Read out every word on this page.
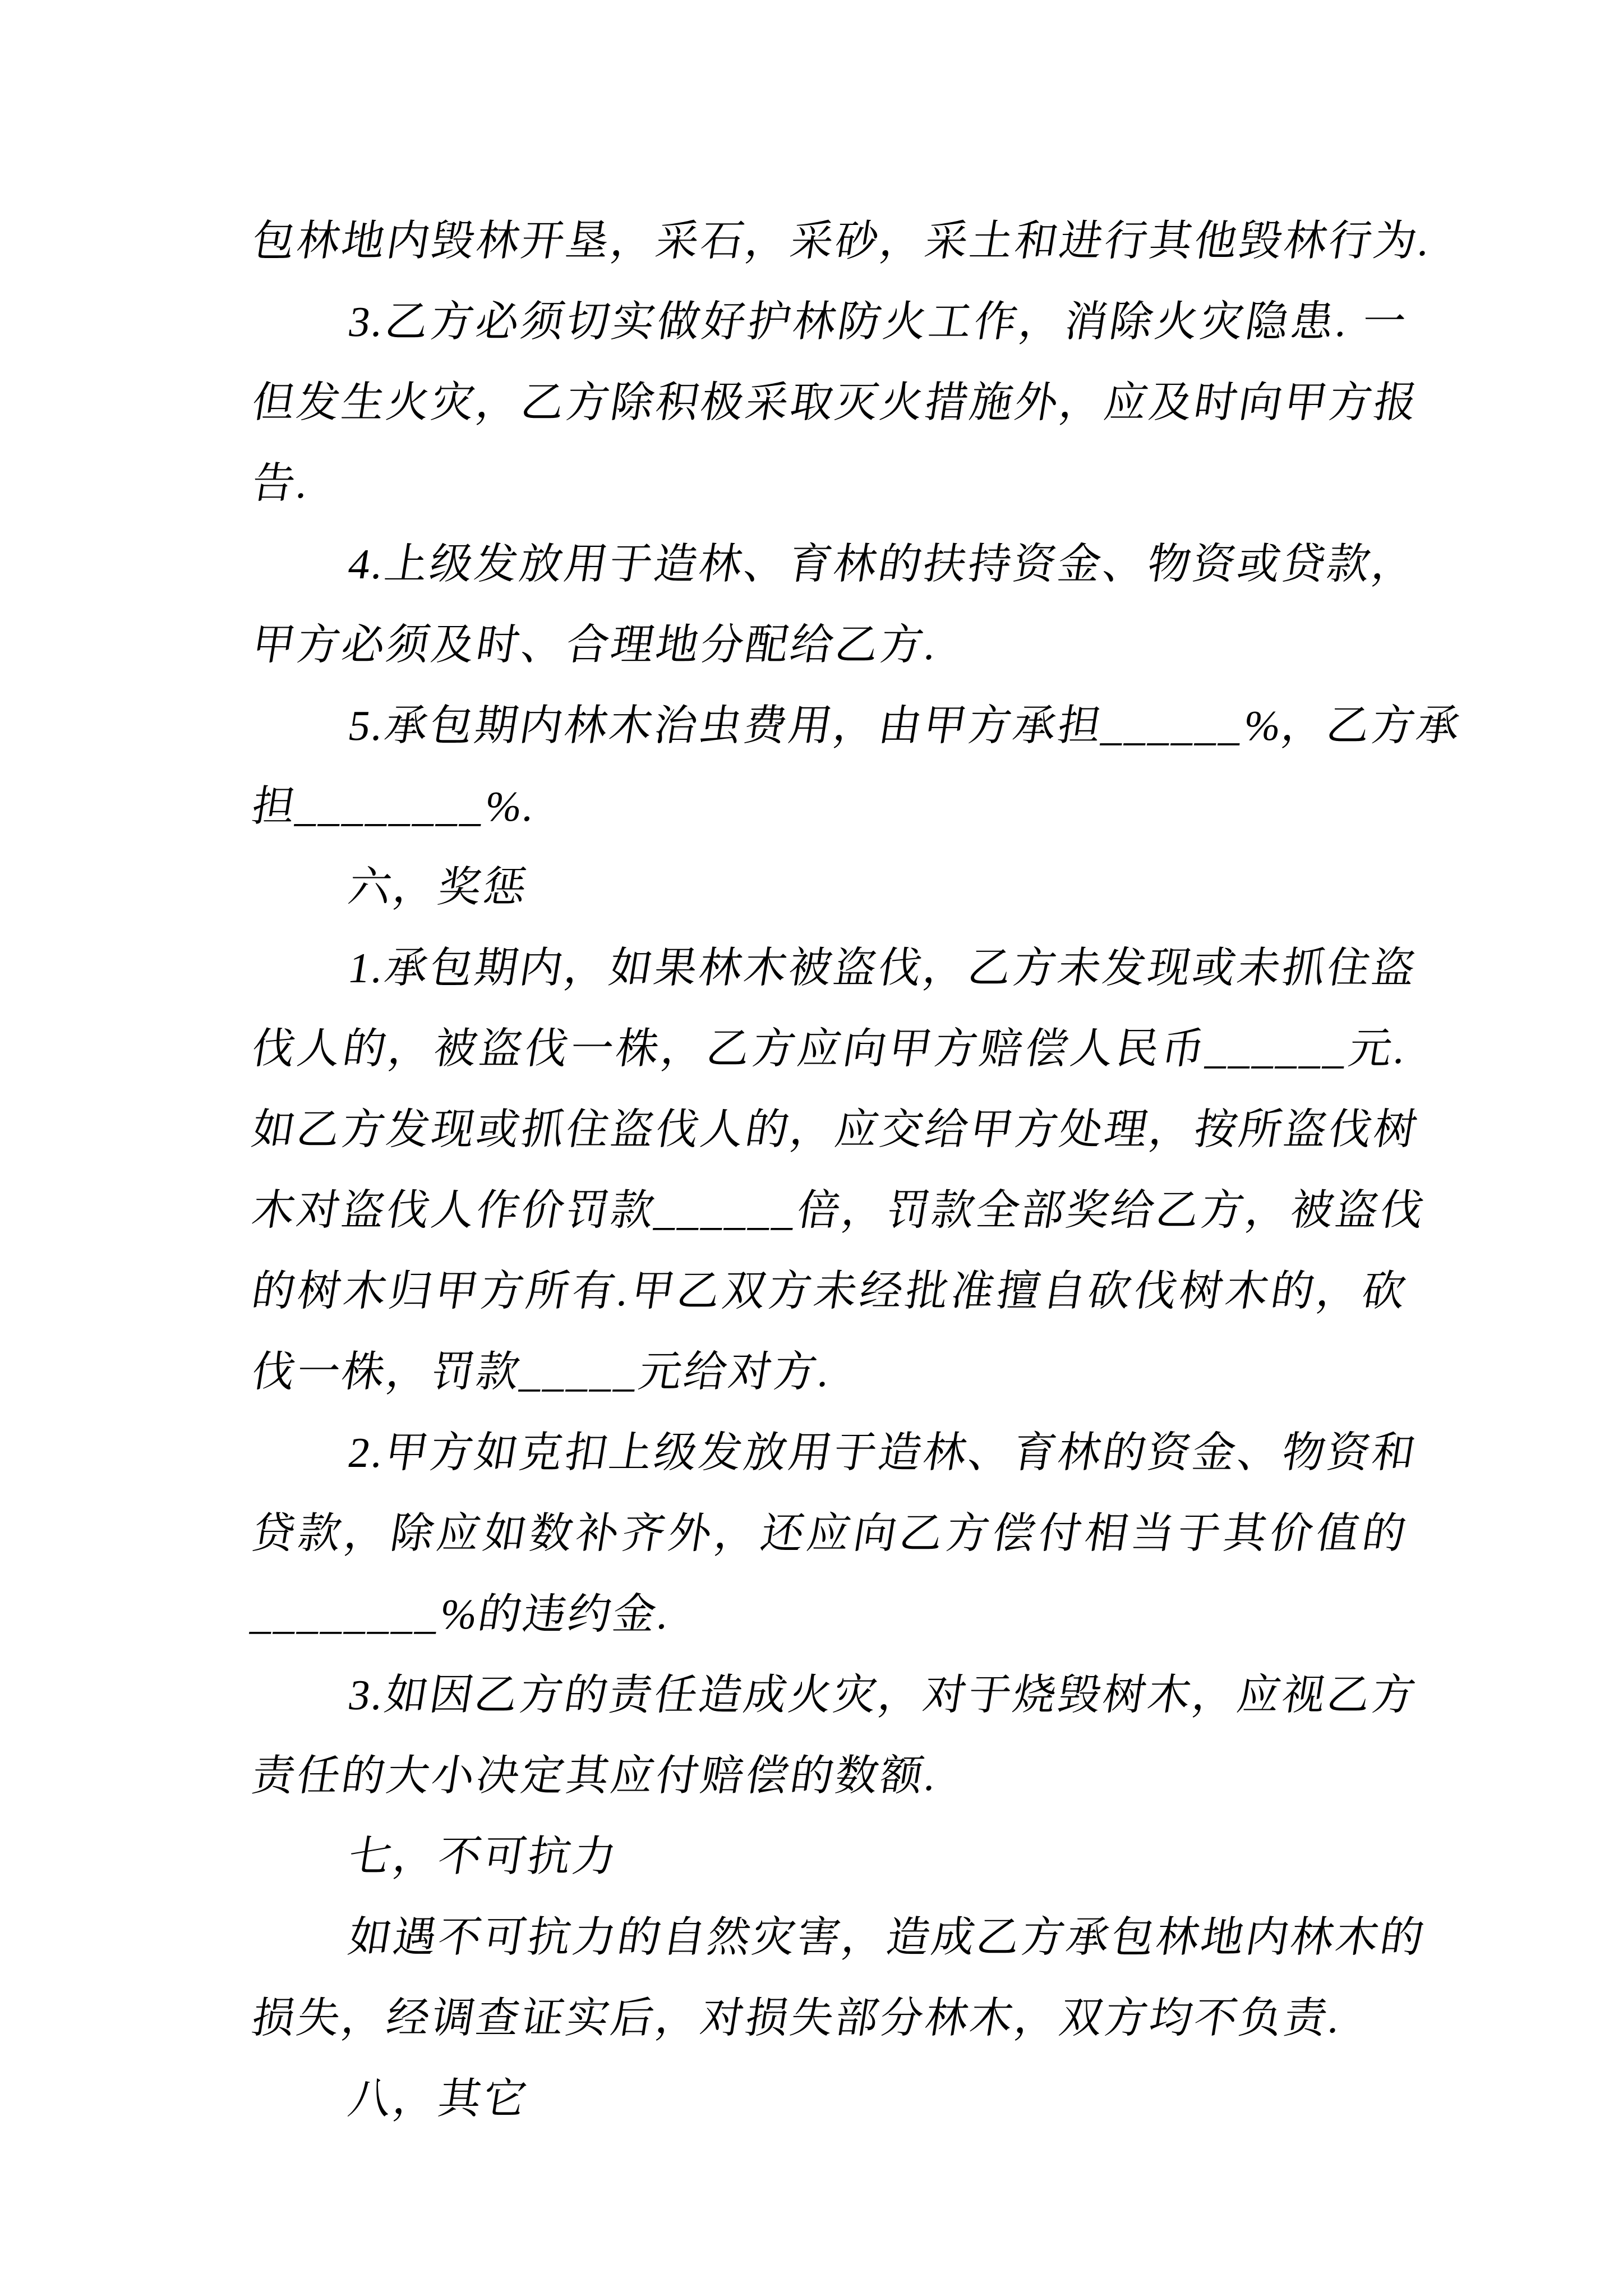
包林地内毁林开垦，采石，采砂，采土和进行其他毁林行为.
3.乙方必须切实做好护林防火工作，消除火灾隐患. 一
但发生火灾，乙方除积极采取灭火措施外，应及时向甲方报
告.
4.上级发放用于造林、育林的扶持资金、物资或贷款，
甲方必须及时、合理地分配给乙方.
5.承包期内林木治虫费用，由甲方承担______%，乙方承
担________%.
六，奖惩
1.承包期内，如果林木被盗伐，乙方未发现或未抓住盗
伐人的，被盗伐一株，乙方应向甲方赔偿人民币______元.
如乙方发现或抓住盗伐人的，应交给甲方处理，按所盗伐树
木对盗伐人作价罚款______倍，罚款全部奖给乙方，被盗伐
的树木归甲方所有.甲乙双方未经批准擅自砍伐树木的，砍
伐一株，罚款_____元给对方.
2.甲方如克扣上级发放用于造林、育林的资金、物资和
贷款，除应如数补齐外，还应向乙方偿付相当于其价值的
________%的违约金.
3.如因乙方的责任造成火灾，对于烧毁树木，应视乙方
责任的大小决定其应付赔偿的数额.
七，不可抗力
如遇不可抗力的自然灾害，造成乙方承包林地内林木的
损失，经调查证实后，对损失部分林木，双方均不负责.
八，其它
